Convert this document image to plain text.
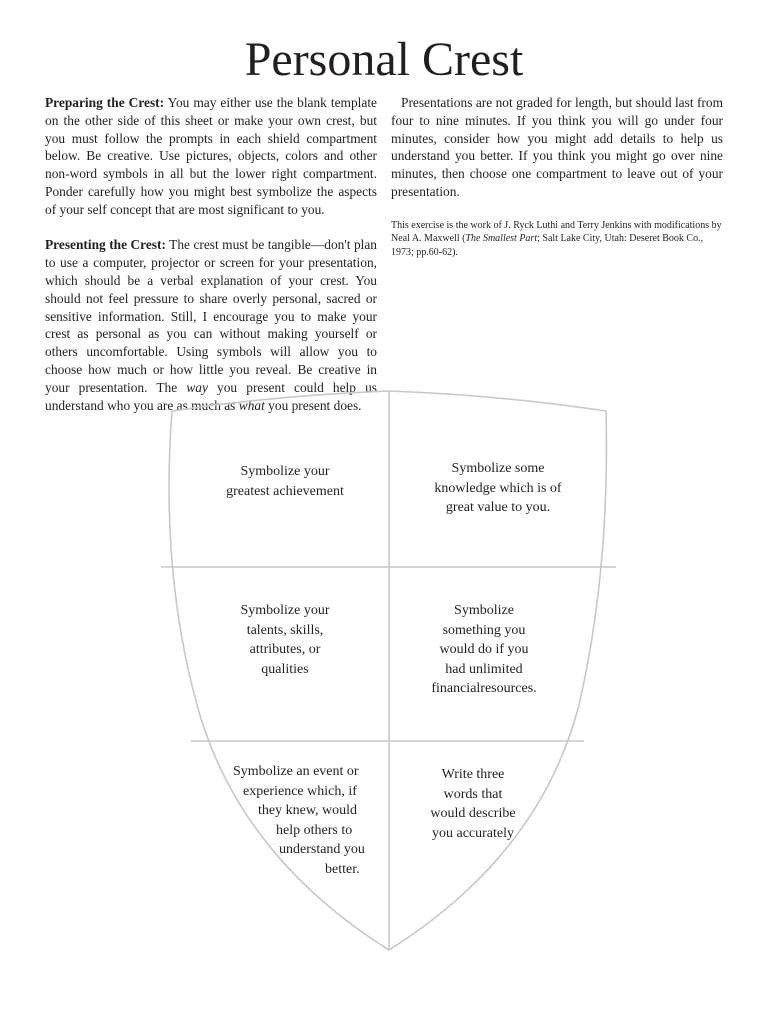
Personal Crest

Preparing the Crest: You may either use the blank template on the other side of this sheet or make your own crest, but you must follow the prompts in each shield compartment below. Be creative. Use pictures, objects, colors and other non-word symbols in all but the lower right compartment. Ponder carefully how you might best symbolize the aspects of your self concept that are most significant to you.

Presenting the Crest: The crest must be tangible—don't plan to use a computer, projector or screen for your presentation, which should be a verbal explanation of your crest. You should not feel pressure to share overly personal, sacred or sensitive information. Still, I encourage you to make your crest as personal as you can without making yourself or others uncomfortable. Using symbols will allow you to choose how much or how little you reveal. Be creative in your presentation. The way you present could help us understand who you are as much as what you present does.

Presentations are not graded for length, but should last from four to nine minutes. If you think you will go under four minutes, consider how you might add details to help us understand you better. If you think you might go over nine minutes, then choose one compartment to leave out of your presentation.

This exercise is the work of J. Ryck Luthi and Terry Jenkins with modifications by Neal A. Maxwell (The Smallest Part; Salt Lake City, Utah: Deseret Book Co., 1973; pp.60-62).

Symbolize your
greatest achievement
Symbolize some
knowledge which is of
great value to you.
Symbolize your
talents, skills,
attributes, or
qualities
Symbolize
something you
would do if you
had unlimited
financialresources.
Symbolize an event or
experience which, if
they knew, would
help others to
understand you
better.
Write three
words that
would describe
you accurately
